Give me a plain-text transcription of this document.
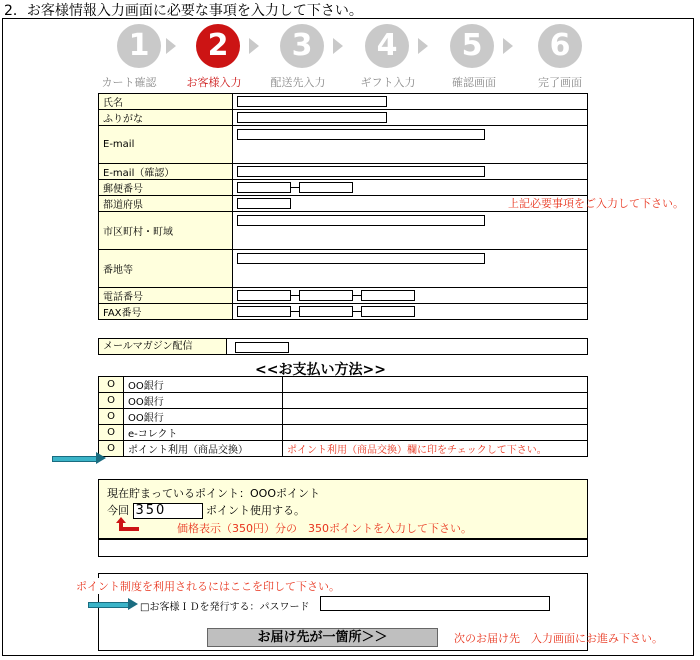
2．お客様情報入力画面に必要な事項を入力して下さい。
1	2	3	4	5	6
カート確認	お客様入力	配送先入力	ギフト入力	確認画面	完了画面
氏名	
ふりがな	
E-mail	
E-mail（確認）	
郵便番号	
都道府県	
市区町村・町域	
番地等	
電話番号	
FAX番号	
上記必要事項をご入力して下さい。
メールマガジン配信
<<お支払い方法>>
O	OO銀行	
O	OO銀行	
O	OO銀行	
O	e-コレクト	
O	ポイント利用（商品交換）	ポイント利用（商品交換）欄に印をチェックして下さい。
現在貯まっているポイント：OOOポイント
今回 350	ポイント使用する。
価格表示（350円）分の　350ポイントを入力して下さい。
ポイント制度を利用されるにはここを印して下さい。
□お客様ＩＤを発行する：パスワード
お届け先が一箇所＞＞	次のお届け先　入力画面にお進み下さい。
